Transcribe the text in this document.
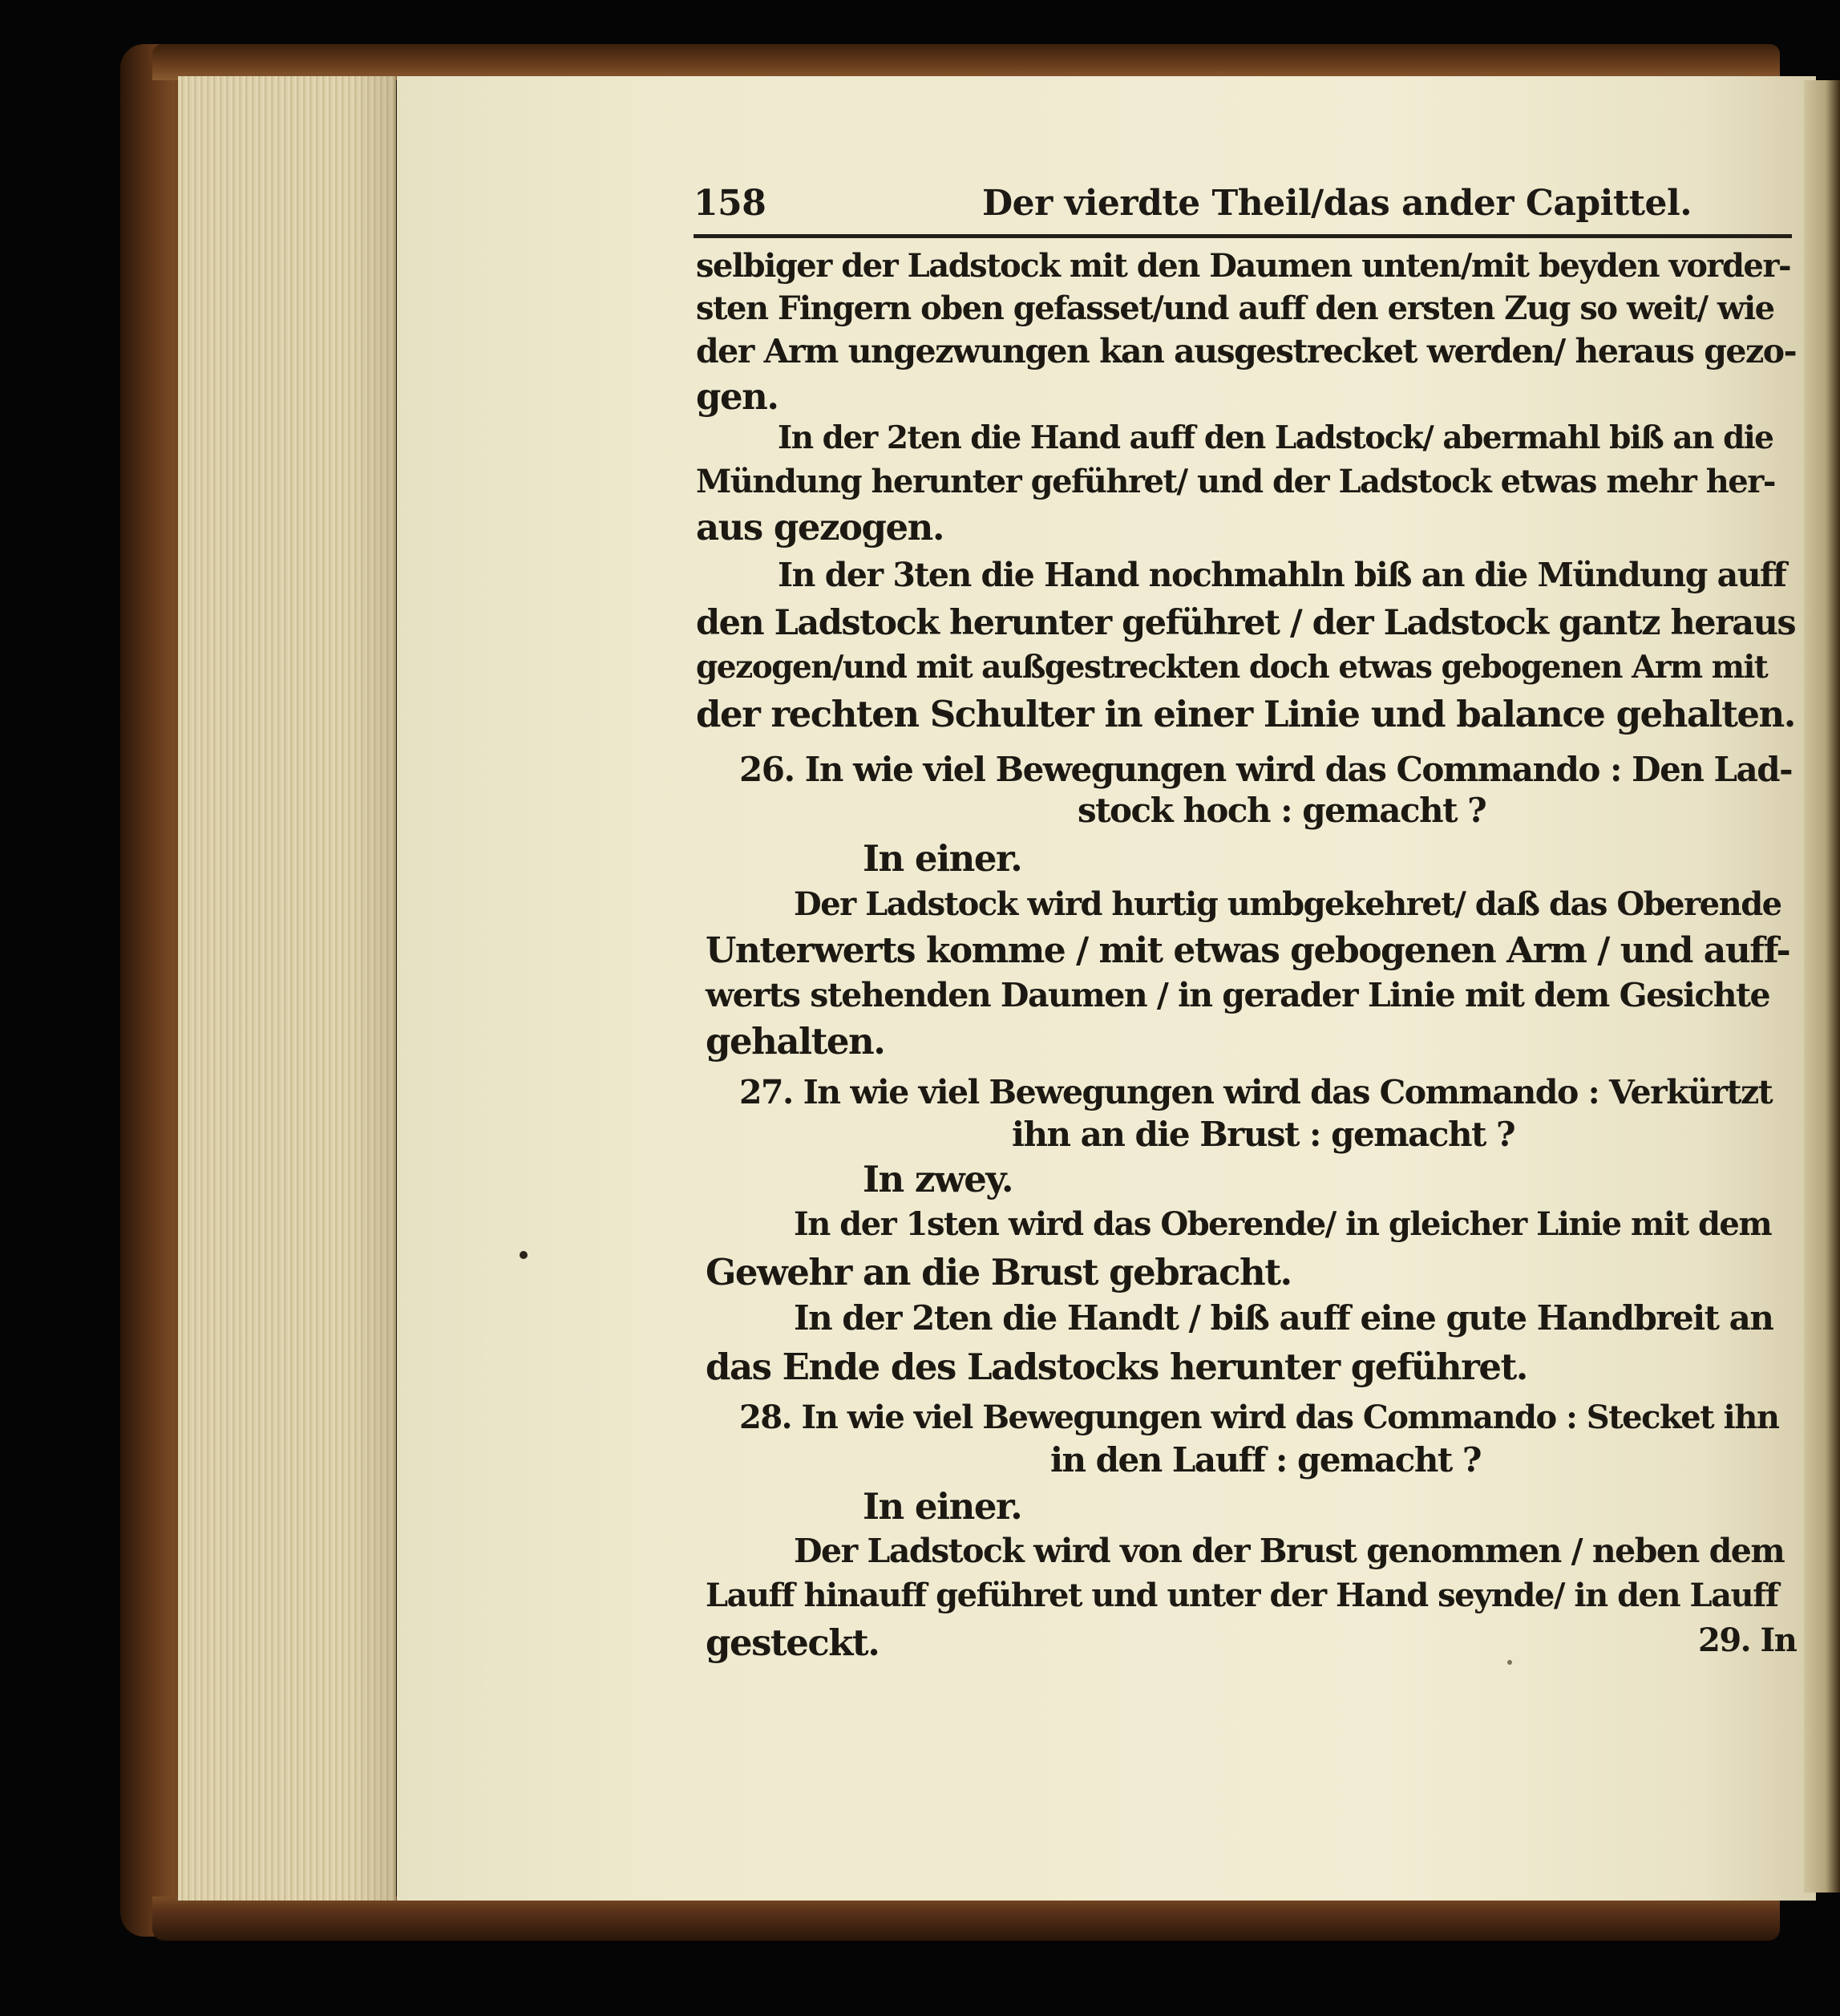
158	Der vierdte Theil/das ander Capittel.
selbiger der Ladstock mit den Daumen unten/mit beyden vorder-
sten Fingern oben gefasset/und auff den ersten Zug so weit/ wie
der Arm ungezwungen kan ausgestrecket werden/ heraus gezo-
gen.
In der 2ten die Hand auff den Ladstock/ abermahl biß an die
Mündung herunter geführet/ und der Ladstock etwas mehr her-
aus gezogen.
In der 3ten die Hand nochmahln biß an die Mündung auff
den Ladstock herunter geführet / der Ladstock gantz heraus
gezogen/und mit außgestreckten doch etwas gebogenen Arm mit
der rechten Schulter in einer Linie und balance gehalten.
26. In wie viel Bewegungen wird das Commando : Den Lad-
stock hoch : gemacht ?
In einer.
Der Ladstock wird hurtig umbgekehret/ daß das Oberende
Unterwerts komme / mit etwas gebogenen Arm / und auff-
werts stehenden Daumen / in gerader Linie mit dem Gesichte
gehalten.
27. In wie viel Bewegungen wird das Commando : Verkürtzt
ihn an die Brust : gemacht ?
In zwey.
In der 1sten wird das Oberende/ in gleicher Linie mit dem
Gewehr an die Brust gebracht.
In der 2ten die Handt / biß auff eine gute Handbreit an
das Ende des Ladstocks herunter geführet.
28. In wie viel Bewegungen wird das Commando : Stecket ihn
in den Lauff : gemacht ?
In einer.
Der Ladstock wird von der Brust genommen / neben dem
Lauff hinauff geführet und unter der Hand seynde/ in den Lauff
gesteckt.	29. In
